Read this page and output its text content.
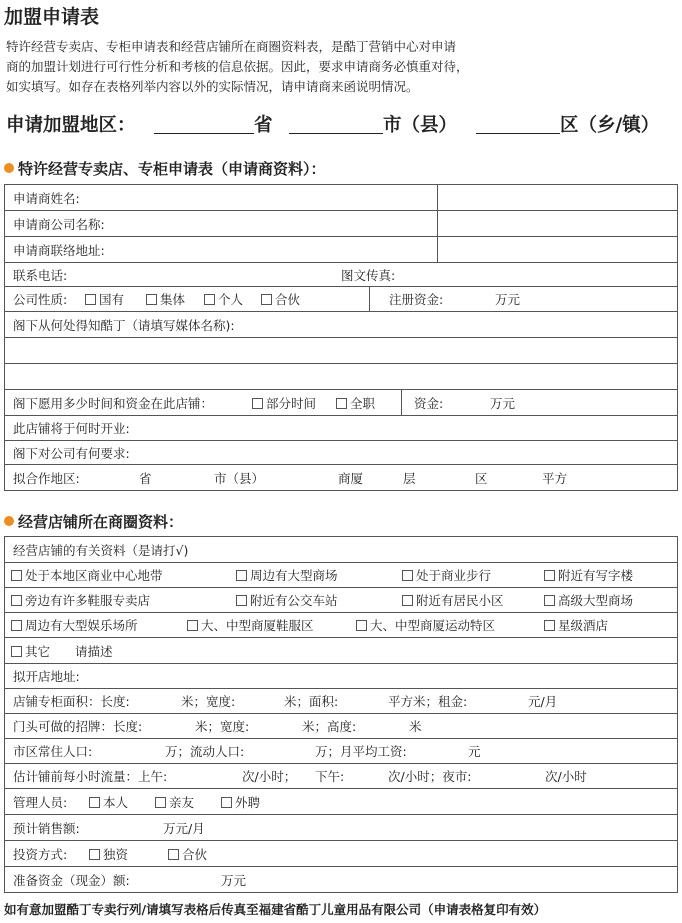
加盟申请表

特许经营专卖店、专柜申请表和经营店铺所在商圈资料表，是酷丁营销中心对申请
商的加盟计划进行可行性分析和考核的信息依据。因此，要求申请商务必慎重对待，
如实填写。如存在表格列举内容以外的实际情况，请申请商来函说明情况。

申请加盟地区：	省	市（县）	区（乡/镇）
特许经营专卖店、专柜申请表（申请商资料）：
申请商姓名:
申请商公司名称:
申请商联络地址:
联系电话:	图文传真:
公司性质:	国有	集体	个人	合伙	注册资金:	万元
阁下从何处得知酷丁（请填写媒体名称):
阁下愿用多少时间和资金在此店铺：	部分时间	全职	资金:	万元
此店铺将于何时开业:
阁下对公司有何要求:
拟合作地区:	省	市（县）	商厦	层	区	平方
经营店铺所在商圈资料：
经营店铺的有关资料（是请打√)
处于本地区商业中心地带	周边有大型商场	处于商业步行	附近有写字楼
旁边有许多鞋服专卖店	附近有公交车站	附近有居民小区	高级大型商场
周边有大型娱乐场所	大、中型商厦鞋服区	大、中型商厦运动特区	星级酒店
其它 请描述
拟开店地址:
店铺专柜面积：长度:	米；宽度:	米；面积:	平方米；租金:	元/月
门头可做的招牌：长度:	米；宽度:	米；高度:	米
市区常住人口:	万；流动人口:	万；月平均工资:	元
估计铺前每小时流量：上午:	次/小时； 下午:	次/小时；夜市:	次/小时
管理人员:	本人	亲友	外聘
预计销售额:	万元/月
投资方式:	独资	合伙
准备资金（现金）额:	万元
如有意加盟酷丁专卖行列/请填写表格后传真至福建省酷丁儿童用品有限公司（申请表格复印有效）
